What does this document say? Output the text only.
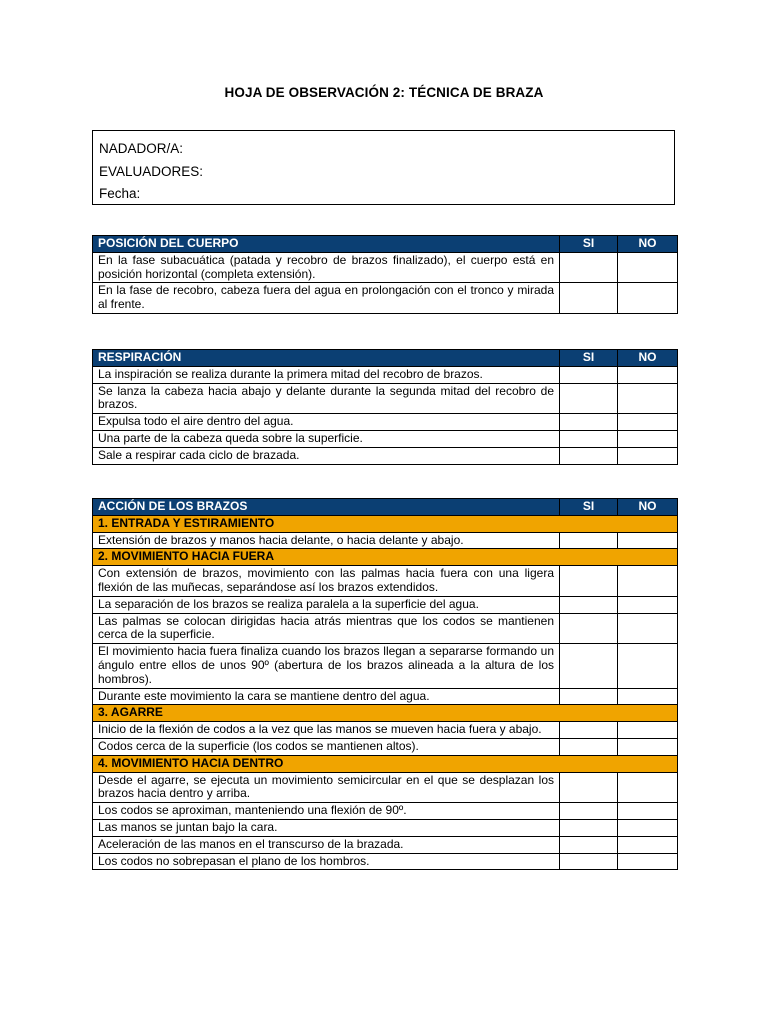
HOJA DE OBSERVACIÓN 2: TÉCNICA DE BRAZA
NADADOR/A:
EVALUADORES:
Fecha:
POSICIÓN DEL CUERPO	SI	NO
En la fase subacuática (patada y recobro de brazos finalizado), el cuerpo está en posición horizontal (completa extensión).		
En la fase de recobro, cabeza fuera del agua en prolongación con el tronco y mirada al frente.		
RESPIRACIÓN	SI	NO
La inspiración se realiza durante la primera mitad del recobro de brazos.		
Se lanza la cabeza hacia abajo y delante durante la segunda mitad del recobro de brazos.		
Expulsa todo el aire dentro del agua.		
Una parte de la cabeza queda sobre la superficie.		
Sale a respirar cada ciclo de brazada.		
ACCIÓN DE LOS BRAZOS	SI	NO
1. ENTRADA Y ESTIRAMIENTO		
Extensión de brazos y manos hacia delante, o hacia delante y abajo.		
2. MOVIMIENTO HACIA FUERA		
Con extensión de brazos, movimiento con las palmas hacia fuera con una ligera flexión de las muñecas, separándose así los brazos extendidos.		
La separación de los brazos se realiza paralela a la superficie del agua.		
Las palmas se colocan dirigidas hacia atrás mientras que los codos se mantienen cerca de la superficie.		
El movimiento hacia fuera finaliza cuando los brazos llegan a separarse formando un ángulo entre ellos de unos 90º (abertura de los brazos alineada a la altura de los hombros).		
Durante este movimiento la cara se mantiene dentro del agua.		
3. AGARRE		
Inicio de la flexión de codos a la vez que las manos se mueven hacia fuera y abajo.		
Codos cerca de la superficie (los codos se mantienen altos).		
4. MOVIMIENTO HACIA DENTRO		
Desde el agarre, se ejecuta un movimiento semicircular en el que se desplazan los brazos hacia dentro y arriba.		
Los codos se aproximan, manteniendo una flexión de 90º.		
Las manos se juntan bajo la cara.		
Aceleración de las manos en el transcurso de la brazada.		
Los codos no sobrepasan el plano de los hombros.		
